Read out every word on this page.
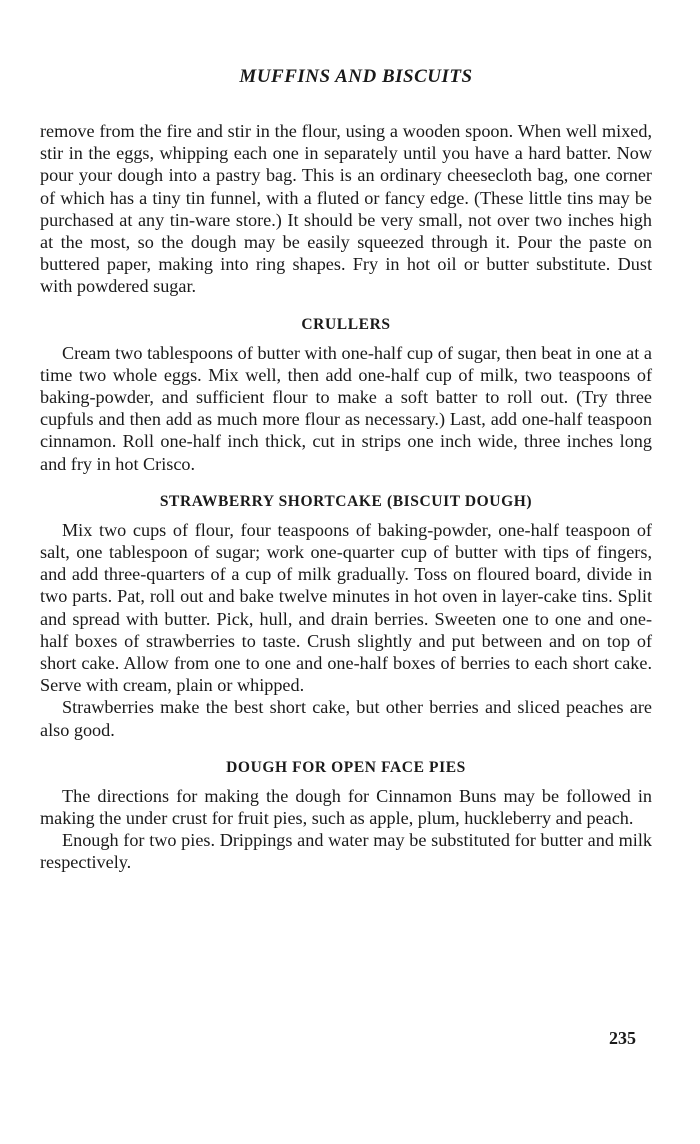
MUFFINS AND BISCUITS

remove from the fire and stir in the flour, using a wooden spoon. When well mixed, stir in the eggs, whipping each one in separately until you have a hard batter. Now pour your dough into a pastry bag. This is an ordinary cheesecloth bag, one corner of which has a tiny tin funnel, with a fluted or fancy edge. (These little tins may be purchased at any tin-ware store.) It should be very small, not over two inches high at the most, so the dough may be easily squeezed through it. Pour the paste on buttered paper, making into ring shapes. Fry in hot oil or butter substitute. Dust with powdered sugar.

CRULLERS

Cream two tablespoons of butter with one-half cup of sugar, then beat in one at a time two whole eggs. Mix well, then add one-half cup of milk, two teaspoons of baking-powder, and sufficient flour to make a soft batter to roll out. (Try three cupfuls and then add as much more flour as necessary.) Last, add one-half teaspoon cinnamon. Roll one-half inch thick, cut in strips one inch wide, three inches long and fry in hot Crisco.

STRAWBERRY SHORTCAKE (BISCUIT DOUGH)

Mix two cups of flour, four teaspoons of baking-powder, one-half teaspoon of salt, one tablespoon of sugar; work one-quarter cup of butter with tips of fingers, and add three-quarters of a cup of milk gradually. Toss on floured board, divide in two parts. Pat, roll out and bake twelve minutes in hot oven in layer-cake tins. Split and spread with butter. Pick, hull, and drain berries. Sweeten one to one and one-half boxes of strawberries to taste. Crush slightly and put between and on top of short cake. Allow from one to one and one-half boxes of berries to each short cake. Serve with cream, plain or whipped.

Strawberries make the best short cake, but other berries and sliced peaches are also good.

DOUGH FOR OPEN FACE PIES

The directions for making the dough for Cinnamon Buns may be followed in making the under crust for fruit pies, such as apple, plum, huckleberry and peach.

Enough for two pies. Drippings and water may be substituted for butter and milk respectively.

235
